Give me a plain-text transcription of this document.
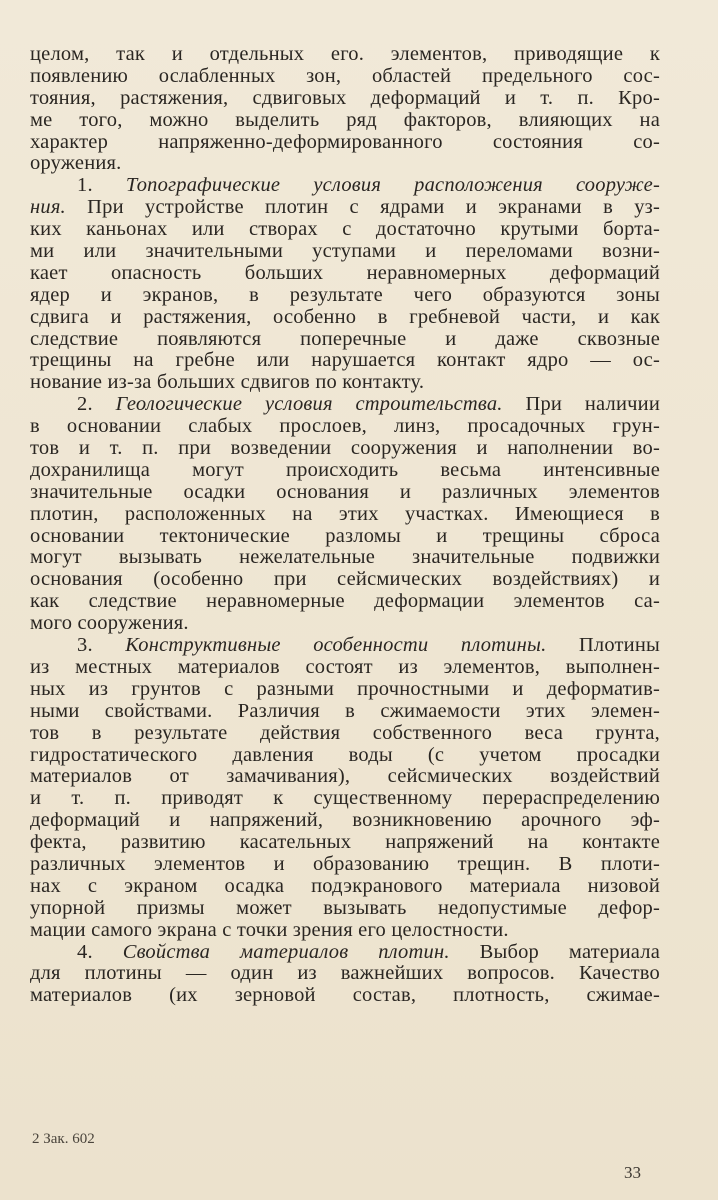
целом, так и отдельных его. элементов, приводящие к
появлению ослабленных зон, областей предельного сос-
тояния, растяжения, сдвиговых деформаций и т. п. Кро-
ме того, можно выделить ряд факторов, влияющих на
характер напряженно-деформированного состояния со-
оружения.
1. Топографические условия расположения сооруже-
ния. При устройстве плотин с ядрами и экранами в уз-
ких каньонах или створах с достаточно крутыми борта-
ми или значительными уступами и переломами возни-
кает опасность больших неравномерных деформаций
ядер и экранов, в результате чего образуются зоны
сдвига и растяжения, особенно в гребневой части, и как
следствие появляются поперечные и даже сквозные
трещины на гребне или нарушается контакт ядро — ос-
нование из-за больших сдвигов по контакту.
2. Геологические условия строительства. При наличии
в основании слабых прослоев, линз, просадочных грун-
тов и т. п. при возведении сооружения и наполнении во-
дохранилища могут происходить весьма интенсивные
значительные осадки основания и различных элементов
плотин, расположенных на этих участках. Имеющиеся в
основании тектонические разломы и трещины сброса
могут вызывать нежелательные значительные подвижки
основания (особенно при сейсмических воздействиях) и
как следствие неравномерные деформации элементов са-
мого сооружения.
3. Конструктивные особенности плотины. Плотины
из местных материалов состоят из элементов, выполнен-
ных из грунтов с разными прочностными и деформатив-
ными свойствами. Различия в сжимаемости этих элемен-
тов в результате действия собственного веса грунта,
гидростатического давления воды (с учетом просадки
материалов от замачивания), сейсмических воздействий
и т. п. приводят к существенному перераспределению
деформаций и напряжений, возникновению арочного эф-
фекта, развитию касательных напряжений на контакте
различных элементов и образованию трещин. В плоти-
нах с экраном осадка подэкранового материала низовой
упорной призмы может вызывать недопустимые дефор-
мации самого экрана с точки зрения его целостности.
4. Свойства материалов плотин. Выбор материала
для плотины — один из важнейших вопросов. Качество
материалов (их зерновой состав, плотность, сжимае-
2 Зак. 602
33
